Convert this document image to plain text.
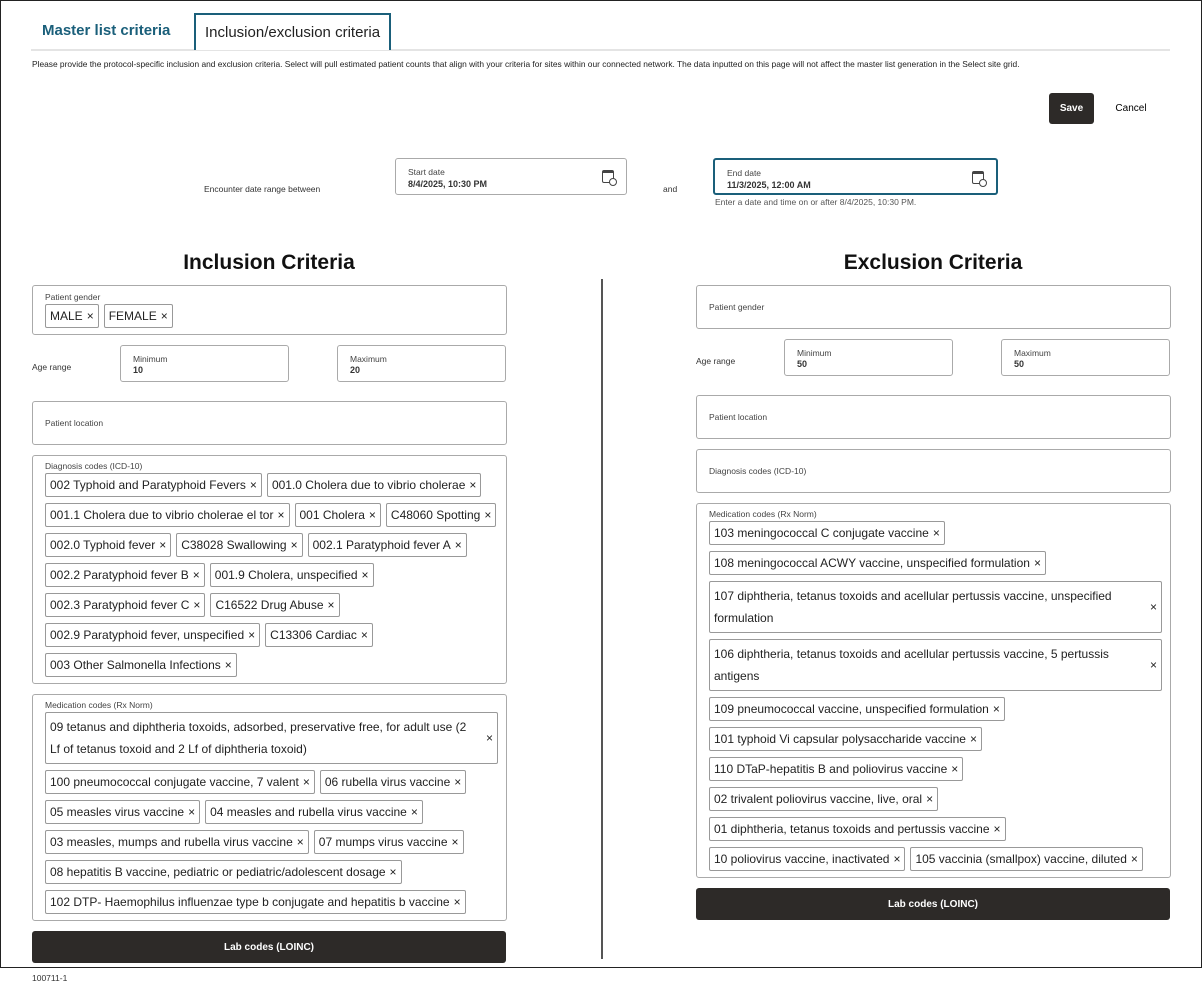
Master list criteria	Inclusion/exclusion criteria
Please provide the protocol-specific inclusion and exclusion criteria. Select will pull estimated patient counts that align with your criteria for sites within our connected network. The data inputted on this page will not affect the master list generation in the Select site grid.
Save	Cancel
Encounter date range between
Start date
8/4/2025, 10:30 PM	and
End date
11/3/2025, 12:00 AM
Enter a date and time on or after 8/4/2025, 10:30 PM.
Inclusion Criteria	Exclusion Criteria
Patient gender
MALE × FEMALE ×
Age range
Minimum
10
Maximum
20
Patient location
Diagnosis codes (ICD-10)
002 Typhoid and Paratyphoid Fevers × 001.0 Cholera due to vibrio cholerae ×
001.1 Cholera due to vibrio cholerae el tor × 001 Cholera × C48060 Spotting ×
002.0 Typhoid fever × C38028 Swallowing × 002.1 Paratyphoid fever A ×
002.2 Paratyphoid fever B × 001.9 Cholera, unspecified ×
002.3 Paratyphoid fever C × C16522 Drug Abuse ×
002.9 Paratyphoid fever, unspecified × C13306 Cardiac ×
003 Other Salmonella Infections ×
Medication codes (Rx Norm)
09 tetanus and diphtheria toxoids, adsorbed, preservative free, for adult use (2 Lf of tetanus toxoid and 2 Lf of diphtheria toxoid)
×
100 pneumococcal conjugate vaccine, 7 valent × 06 rubella virus vaccine ×
05 measles virus vaccine × 04 measles and rubella virus vaccine ×
03 measles, mumps and rubella virus vaccine × 07 mumps virus vaccine ×
08 hepatitis B vaccine, pediatric or pediatric/adolescent dosage ×
102 DTP- Haemophilus influenzae type b conjugate and hepatitis b vaccine ×
Lab codes (LOINC)
100711-1
Patient gender
Age range
Minimum
50
Maximum
50
Patient location
Diagnosis codes (ICD-10)
Medication codes (Rx Norm)
103 meningococcal C conjugate vaccine ×
108 meningococcal ACWY vaccine, unspecified formulation ×
107 diphtheria, tetanus toxoids and acellular pertussis vaccine, unspecified formulation
×
106 diphtheria, tetanus toxoids and acellular pertussis vaccine, 5 pertussis antigens
×
109 pneumococcal vaccine, unspecified formulation ×
101 typhoid Vi capsular polysaccharide vaccine ×
110 DTaP-hepatitis B and poliovirus vaccine ×
02 trivalent poliovirus vaccine, live, oral ×
01 diphtheria, tetanus toxoids and pertussis vaccine ×
10 poliovirus vaccine, inactivated × 105 vaccinia (smallpox) vaccine, diluted ×
Lab codes (LOINC)
